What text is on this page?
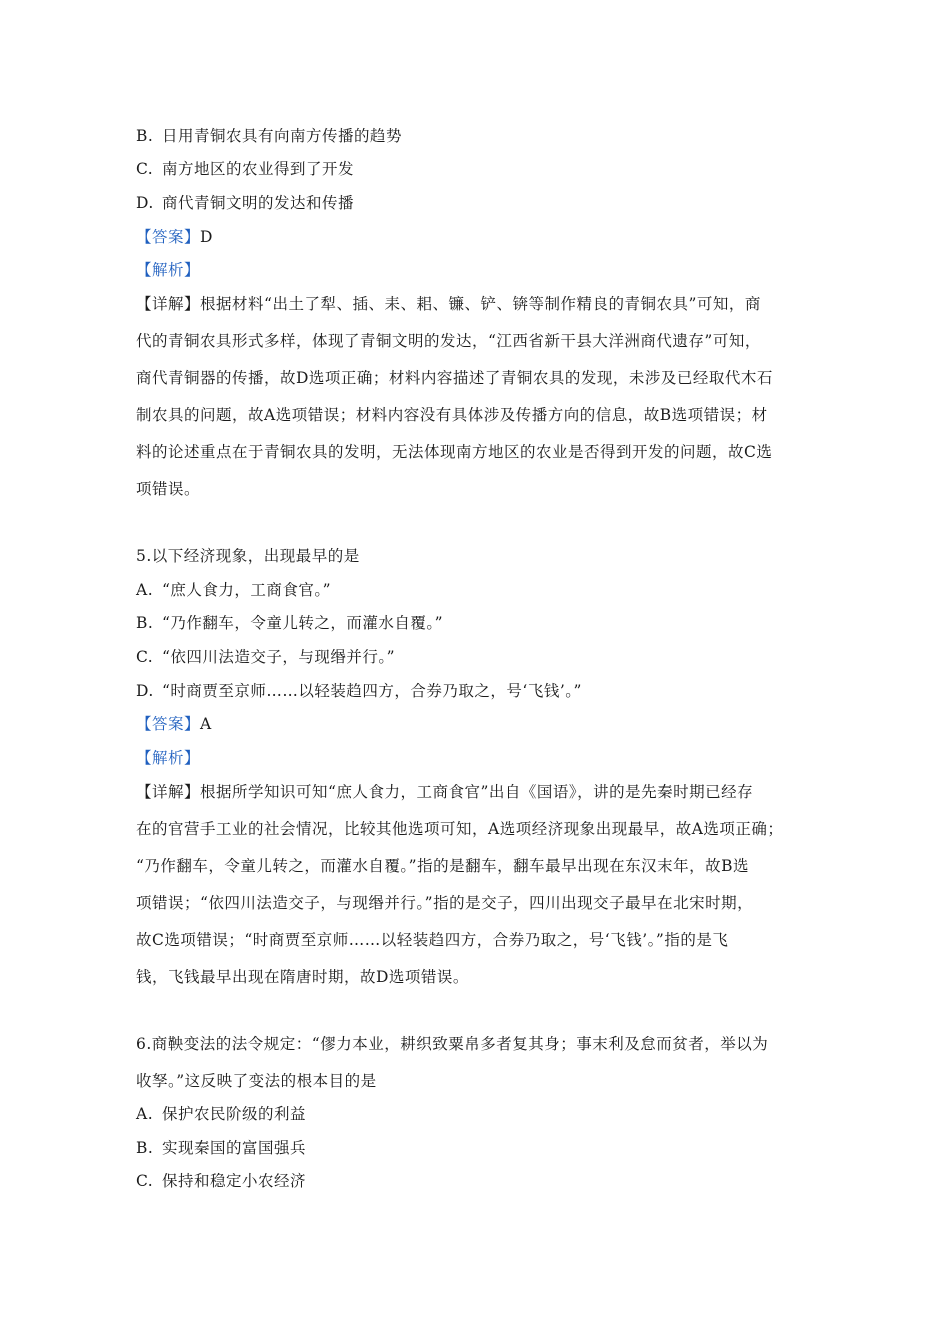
B. 日用青铜农具有向南方传播的趋势
C. 南方地区的农业得到了开发
D. 商代青铜文明的发达和传播
【答案】D
【解析】
【详解】根据材料“出土了犁、插、耒、耜、镰、铲、锛等制作精良的青铜农具”可知，商
代的青铜农具形式多样，体现了青铜文明的发达，“江西省新干县大洋洲商代遗存”可知，
商代青铜器的传播，故D选项正确；材料内容描述了青铜农具的发现，未涉及已经取代木石
制农具的问题，故A选项错误；材料内容没有具体涉及传播方向的信息，故B选项错误；材
料的论述重点在于青铜农具的发明，无法体现南方地区的农业是否得到开发的问题，故C选
项错误。
5.以下经济现象，出现最早的是
A. “庶人食力，工商食官。”
B. “乃作翻车，令童儿转之，而灌水自覆。”
C. “依四川法造交子，与现缗并行。”
D. “时商贾至京师……以轻装趋四方，合券乃取之，号‘飞钱’。”
【答案】A
【解析】
【详解】根据所学知识可知“庶人食力，工商食官”出自《国语》，讲的是先秦时期已经存
在的官营手工业的社会情况，比较其他选项可知，A选项经济现象出现最早，故A选项正确；
“乃作翻车，令童儿转之，而灌水自覆。”指的是翻车，翻车最早出现在东汉末年，故B选
项错误；“依四川法造交子，与现缗并行。”指的是交子，四川出现交子最早在北宋时期，
故C选项错误；“时商贾至京师……以轻装趋四方，合券乃取之，号‘飞钱’。”指的是飞
钱，飞钱最早出现在隋唐时期，故D选项错误。
6.商鞅变法的法令规定：“僇力本业，耕织致粟帛多者复其身；事末利及怠而贫者，举以为
收孥。”这反映了变法的根本目的是
A. 保护农民阶级的利益
B. 实现秦国的富国强兵
C. 保持和稳定小农经济
